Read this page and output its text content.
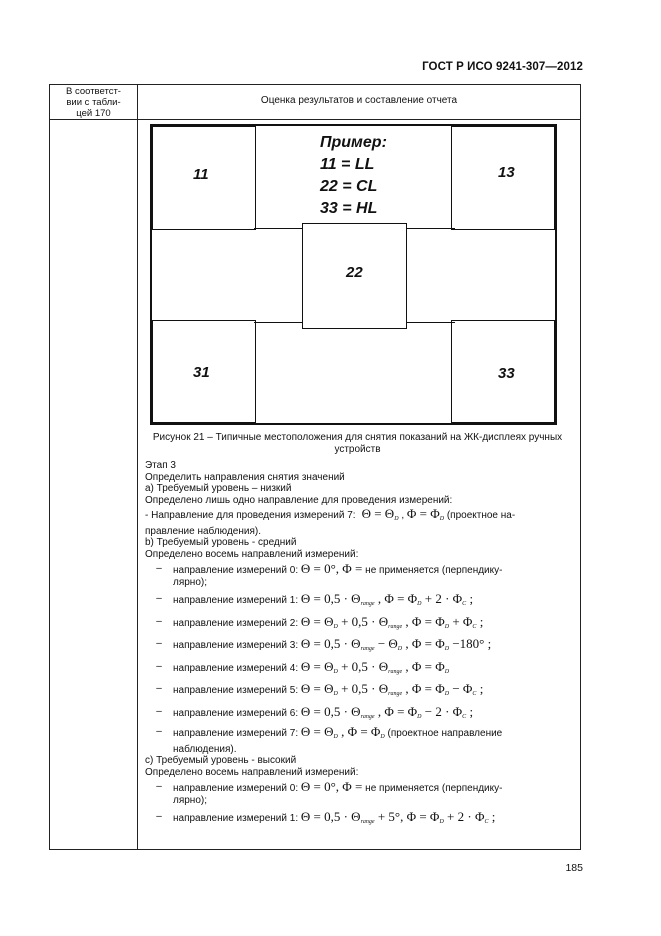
ГОСТ Р ИСО 9241-307—2012
В соответст-
вии с табли-
цей 170
Оценка результатов и составление отчета
11	13
22
31	33
Пример:
11 = LL
22 = CL
33 = HL
Рисунок 21 – Типичные местоположения для снятия показаний на ЖК-дисплеях ручных устройств
Этап 3
Определить направления снятия значений
а) Требуемый уровень – низкий
Определено лишь одно направление для проведения измерений:
- Направление для проведения измерений 7: $\Theta = \Theta_D$ , $\Phi = \Phi_D$ (проектное на-
правление наблюдения).
b) Требуемый уровень - средний
Определено восемь направлений измерений:
–	направление измерений 0: Θ = 0°, Φ = не применяется (перпендику-
лярно);
–	направление измерений 1: $\Theta = 0,5 \cdot \Theta_{range}$ , $\Phi = \Phi_D + 2 \cdot \Phi_C$ ;
–	направление измерений 2: $\Theta = \Theta_D + 0,5 \cdot \Theta_{range}$ , $\Phi = \Phi_D + \Phi_C$ ;
–	направление измерений 3: $\Theta = 0,5 \cdot \Theta_{range} - \Theta_D$ , $\Phi = \Phi_D -180^\circ$ ;
–	направление измерений 4: $\Theta = \Theta_D + 0,5 \cdot \Theta_{range}$ , $\Phi = \Phi_D$
–	направление измерений 5: $\Theta = \Theta_D + 0,5 \cdot \Theta_{range}$ , $\Phi = \Phi_D - \Phi_C$ ;
–	направление измерений 6: $\Theta = 0,5 \cdot \Theta_{range}$ , $\Phi = \Phi_D - 2 \cdot \Phi_C$ ;
–	направление измерений 7: $\Theta = \Theta_D$ , $\Phi = \Phi_D$ (проектное направление
наблюдения).
с) Требуемый уровень - высокий
Определено восемь направлений измерений:
–	направление измерений 0: Θ = 0°, Φ = не применяется (перпендику-
лярно);
–	направление измерений 1: $\Theta = 0,5 \cdot \Theta_{range} + 5^\circ$, $\Phi = \Phi_D + 2 \cdot \Phi_C$ ;
185
